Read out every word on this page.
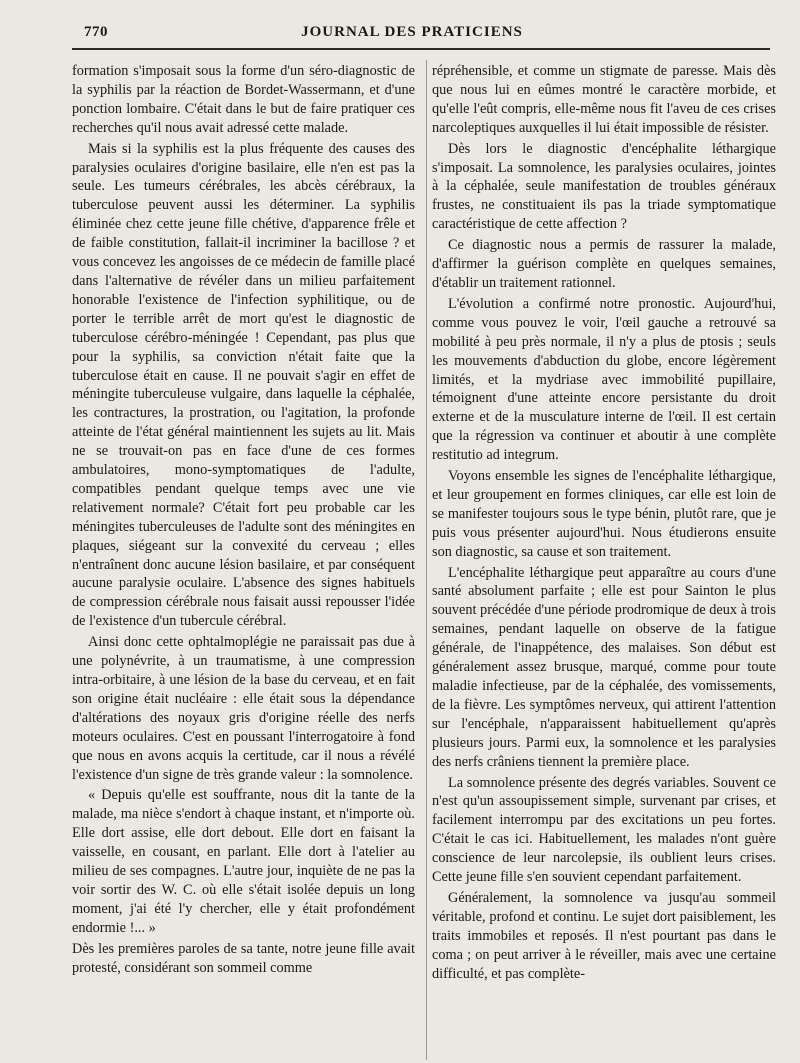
770	JOURNAL DES PRATICIENS

formation s'imposait sous la forme d'un séro-diagnostic de la syphilis par la réaction de Bordet-Wassermann, et d'une ponction lombaire. C'était dans le but de faire pratiquer ces recherches qu'il nous avait adressé cette malade.

Mais si la syphilis est la plus fréquente des causes des paralysies oculaires d'origine basilaire, elle n'en est pas la seule. Les tumeurs cérébrales, les abcès cérébraux, la tuberculose peuvent aussi les déterminer. La syphilis éliminée chez cette jeune fille chétive, d'apparence frêle et de faible constitution, fallait-il incriminer la bacillose ? et vous concevez les angoisses de ce médecin de famille placé dans l'alternative de révéler dans un milieu parfaitement honorable l'existence de l'infection syphilitique, ou de porter le terrible arrêt de mort qu'est le diagnostic de tuberculose cérébro-méningée ! Cependant, pas plus que pour la syphilis, sa conviction n'était faite que la tuberculose était en cause. Il ne pouvait s'agir en effet de méningite tuberculeuse vulgaire, dans laquelle la céphalée, les contractures, la prostration, ou l'agitation, la profonde atteinte de l'état général maintiennent les sujets au lit. Mais ne se trouvait-on pas en face d'une de ces formes ambulatoires, mono-symptomatiques de l'adulte, compatibles pendant quelque temps avec une vie relativement normale? C'était fort peu probable car les méningites tuberculeuses de l'adulte sont des méningites en plaques, siégeant sur la convexité du cerveau ; elles n'entraînent donc aucune lésion basilaire, et par conséquent aucune paralysie oculaire. L'absence des signes habituels de compression cérébrale nous faisait aussi repousser l'idée de l'existence d'un tubercule cérébral.

Ainsi donc cette ophtalmoplégie ne paraissait pas due à une polynévrite, à un traumatisme, à une compression intra-orbitaire, à une lésion de la base du cerveau, et en fait son origine était nucléaire : elle était sous la dépendance d'altérations des noyaux gris d'origine réelle des nerfs moteurs oculaires. C'est en poussant l'interrogatoire à fond que nous en avons acquis la certitude, car il nous a révélé l'existence d'un signe de très grande valeur : la somnolence.

« Depuis qu'elle est souffrante, nous dit la tante de la malade, ma nièce s'endort à chaque instant, et n'importe où. Elle dort assise, elle dort debout. Elle dort en faisant la vaisselle, en cousant, en parlant. Elle dort à l'atelier au milieu de ses compagnes. L'autre jour, inquiète de ne pas la voir sortir des W. C. où elle s'était isolée depuis un long moment, j'ai été l'y chercher, elle y était profondément endormie !... »

Dès les premières paroles de sa tante, notre jeune fille avait protesté, considérant son sommeil comme

répréhensible, et comme un stigmate de paresse. Mais dès que nous lui en eûmes montré le caractère morbide, et qu'elle l'eût compris, elle-même nous fit l'aveu de ces crises narcoleptiques auxquelles il lui était impossible de résister.

Dès lors le diagnostic d'encéphalite léthargique s'imposait. La somnolence, les paralysies oculaires, jointes à la céphalée, seule manifestation de troubles généraux frustes, ne constituaient ils pas la triade symptomatique caractéristique de cette affection ?

Ce diagnostic nous a permis de rassurer la malade, d'affirmer la guérison complète en quelques semaines, d'établir un traitement rationnel.

L'évolution a confirmé notre pronostic. Aujourd'hui, comme vous pouvez le voir, l'œil gauche a retrouvé sa mobilité à peu près normale, il n'y a plus de ptosis ; seuls les mouvements d'abduction du globe, encore légèrement limités, et la mydriase avec immobilité pupillaire, témoignent d'une atteinte encore persistante du droit externe et de la musculature interne de l'œil. Il est certain que la régression va continuer et aboutir à une complète restitutio ad integrum.

Voyons ensemble les signes de l'encéphalite léthargique, et leur groupement en formes cliniques, car elle est loin de se manifester toujours sous le type bénin, plutôt rare, que je puis vous présenter aujourd'hui. Nous étudierons ensuite son diagnostic, sa cause et son traitement.

L'encéphalite léthargique peut apparaître au cours d'une santé absolument parfaite ; elle est pour Sainton le plus souvent précédée d'une période prodromique de deux à trois semaines, pendant laquelle on observe de la fatigue générale, de l'inappétence, des malaises. Son début est généralement assez brusque, marqué, comme pour toute maladie infectieuse, par de la céphalée, des vomissements, de la fièvre. Les symptômes nerveux, qui attirent l'attention sur l'encéphale, n'apparaissent habituellement qu'après plusieurs jours. Parmi eux, la somnolence et les paralysies des nerfs crâniens tiennent la première place.

La somnolence présente des degrés variables. Souvent ce n'est qu'un assoupissement simple, survenant par crises, et facilement interrompu par des excitations un peu fortes. C'était le cas ici. Habituellement, les malades n'ont guère conscience de leur narcolepsie, ils oublient leurs crises. Cette jeune fille s'en souvient cependant parfaitement.

Généralement, la somnolence va jusqu'au sommeil véritable, profond et continu. Le sujet dort paisiblement, les traits immobiles et reposés. Il n'est pourtant pas dans le coma ; on peut arriver à le réveiller, mais avec une certaine difficulté, et pas complète-
